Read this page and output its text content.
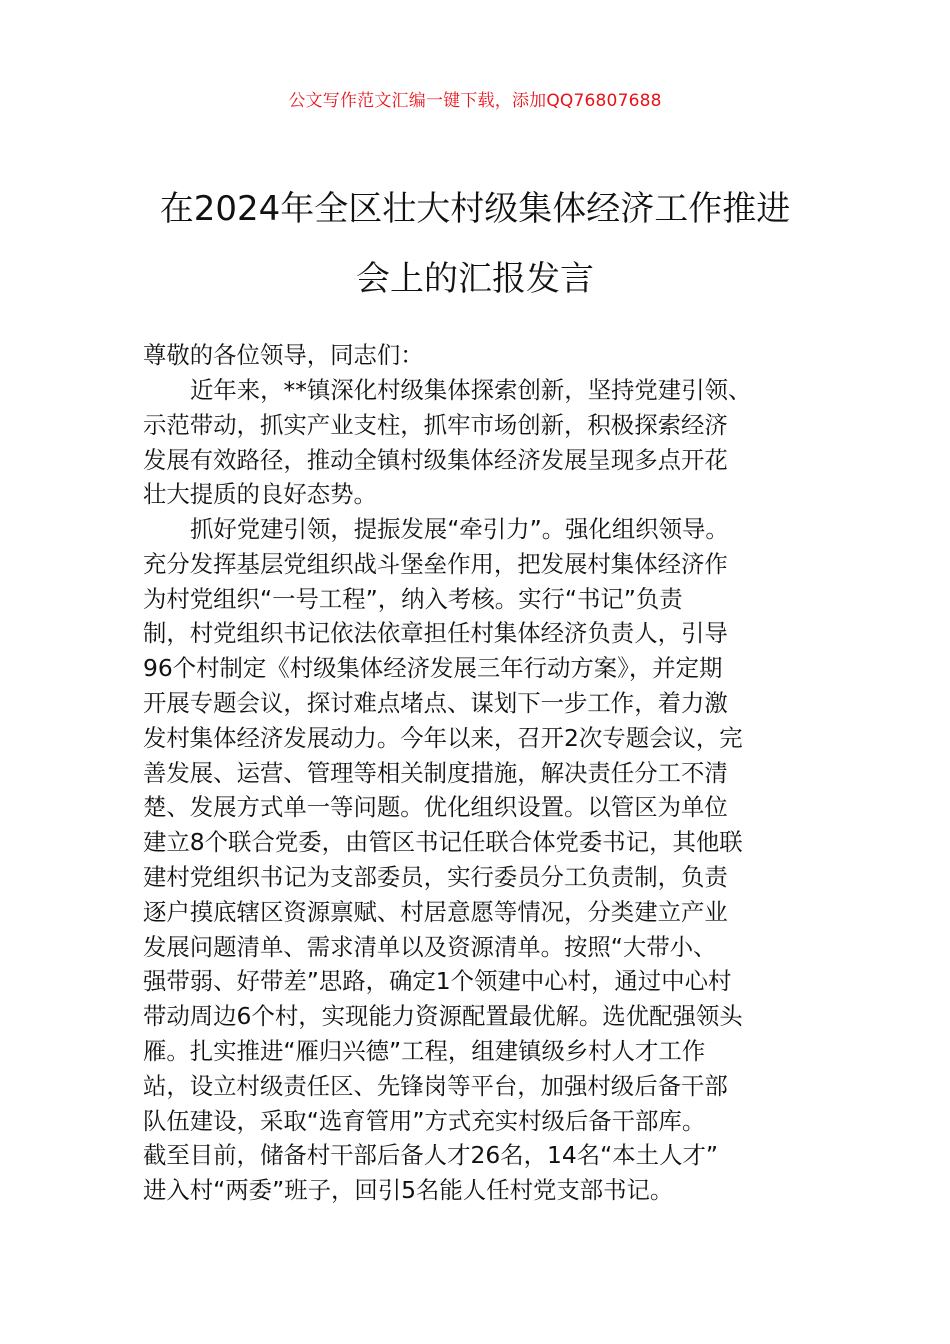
公文写作范文汇编一键下载，添加QQ76807688
在2024年全区壮大村级集体经济工作推进
会上的汇报发言
尊敬的各位领导，同志们：
近年来，**镇深化村级集体探索创新，坚持党建引领、
示范带动，抓实产业支柱，抓牢市场创新，积极探索经济
发展有效路径，推动全镇村级集体经济发展呈现多点开花
壮大提质的良好态势。
抓好党建引领，提振发展“牵引力”。强化组织领导。
充分发挥基层党组织战斗堡垒作用，把发展村集体经济作
为村党组织“一号工程”，纳入考核。实行“书记”负责
制，村党组织书记依法依章担任村集体经济负责人，引导
96个村制定《村级集体经济发展三年行动方案》，并定期
开展专题会议，探讨难点堵点、谋划下一步工作，着力激
发村集体经济发展动力。今年以来，召开2次专题会议，完
善发展、运营、管理等相关制度措施，解决责任分工不清
楚、发展方式单一等问题。优化组织设置。以管区为单位
建立8个联合党委，由管区书记任联合体党委书记，其他联
建村党组织书记为支部委员，实行委员分工负责制，负责
逐户摸底辖区资源禀赋、村居意愿等情况，分类建立产业
发展问题清单、需求清单以及资源清单。按照“大带小、
强带弱、好带差”思路，确定1个领建中心村，通过中心村
带动周边6个村，实现能力资源配置最优解。选优配强领头
雁。扎实推进“雁归兴德”工程，组建镇级乡村人才工作
站，设立村级责任区、先锋岗等平台，加强村级后备干部
队伍建设，采取“选育管用”方式充实村级后备干部库。
截至目前，储备村干部后备人才26名，14名“本土人才”
进入村“两委”班子，回引5名能人任村党支部书记。
